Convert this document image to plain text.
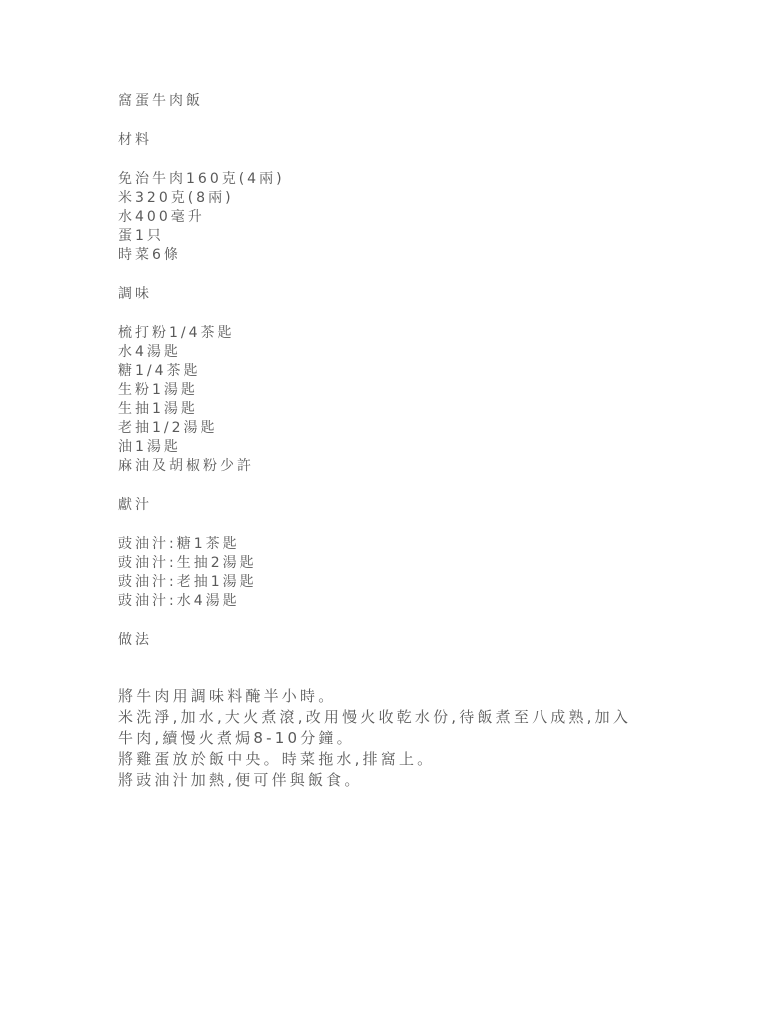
窩蛋牛肉飯
材料
免治牛肉160克(4兩)
米320克(8兩)
水400毫升
蛋1只
時菜6條
調味
梳打粉1/4茶匙
水4湯匙
糖1/4茶匙
生粉1湯匙
生抽1湯匙
老抽1/2湯匙
油1湯匙
麻油及胡椒粉少許
獻汁
豉油汁:糖1茶匙
豉油汁:生抽2湯匙
豉油汁:老抽1湯匙
豉油汁:水4湯匙
做法
將牛肉用調味料醃半小時。
米洗淨,加水,大火煮滾,改用慢火收乾水份,待飯煮至八成熟,加入
牛肉,續慢火煮焗8-10分鐘。
將雞蛋放於飯中央。時菜拖水,排窩上。
將豉油汁加熱,便可伴與飯食。
